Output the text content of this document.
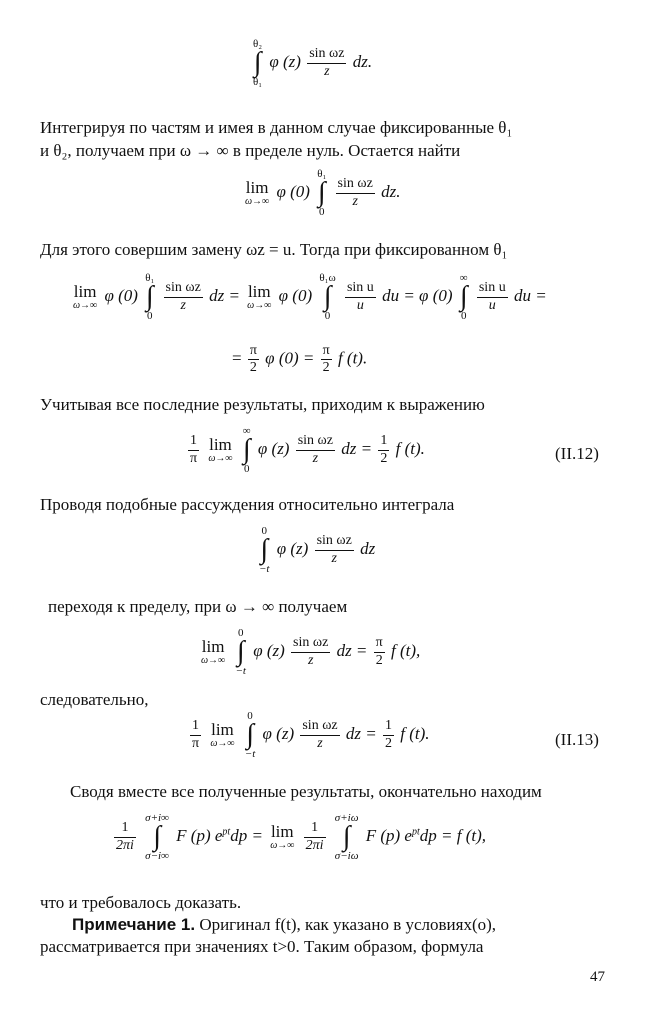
θ₂
∫
θ₁
φ $(z) \frac{\text{sin ωz}}{z}$ dz.
Интегрируя по частям и имея в данном случае фиксированные θ₁
и θ₂, получаем при ω → ∞ в пределе нуль. Остается найти
lim
ω→∞
φ (0)
θ₁
∫
0

$\frac{\text{sin ωz}}{z}$ dz.
Для этого совершим замену ωz = u. Тогда при фиксированном θ₁
lim
ω→∞
φ (0)
θ₁
∫
0

$\frac{\text{sin ωz}}{z}$ dz = lim
ω→∞
φ (0)
θ₁ω
∫
0

$\frac{\text{sin u}}{u}$ du = φ (0)
∞
∫
0

$\frac{\text{sin u}}{u}$ du =
= $\frac{\pi}{2}$ φ $(0) = \frac{\pi}{2}$ f (t).
Учитывая все последние результаты, приходим к выражению
$\frac{1}{\pi}$
lim
ω→∞

∞
∫
0
φ $(z) \frac{\text{sin ωz}}{z}$ dz = $\frac{1}{2}$ f (t).	(II.12)
Проводя подобные рассуждения относительно интеграла
0
∫
−t
φ $(z) \frac{\text{sin ωz}}{z}$ dz
переходя к пределу, при ω → ∞ получаем
lim
ω→∞

0
∫
−t
φ $(z) \frac{\text{sin ωz}}{z}$ dz = $\frac{\pi}{2}$ f (t),
следовательно,
$\frac{1}{\pi}$
lim
ω→∞

0
∫
−t
φ $(z) \frac{\text{sin ωz}}{z}$ dz = $\frac{1}{2}$ f (t).	(II.13)
Сводя вместе все полученные результаты, окончательно находим
$\frac{1}{2\pi i}$

σ+i∞
∫
σ−i∞
F (p) $e^{pt}dp = \lim$
ω→∞
$\frac{1}{2\pi i}$

σ+iω
∫
σ−iω
F (p) $e^{pt}dp = f$ (t),
что и требовалось доказать.
Примечание 1. Оригинал f(t), как указано в условиях(о),
рассматривается при значениях t>0. Таким образом, формула
47
